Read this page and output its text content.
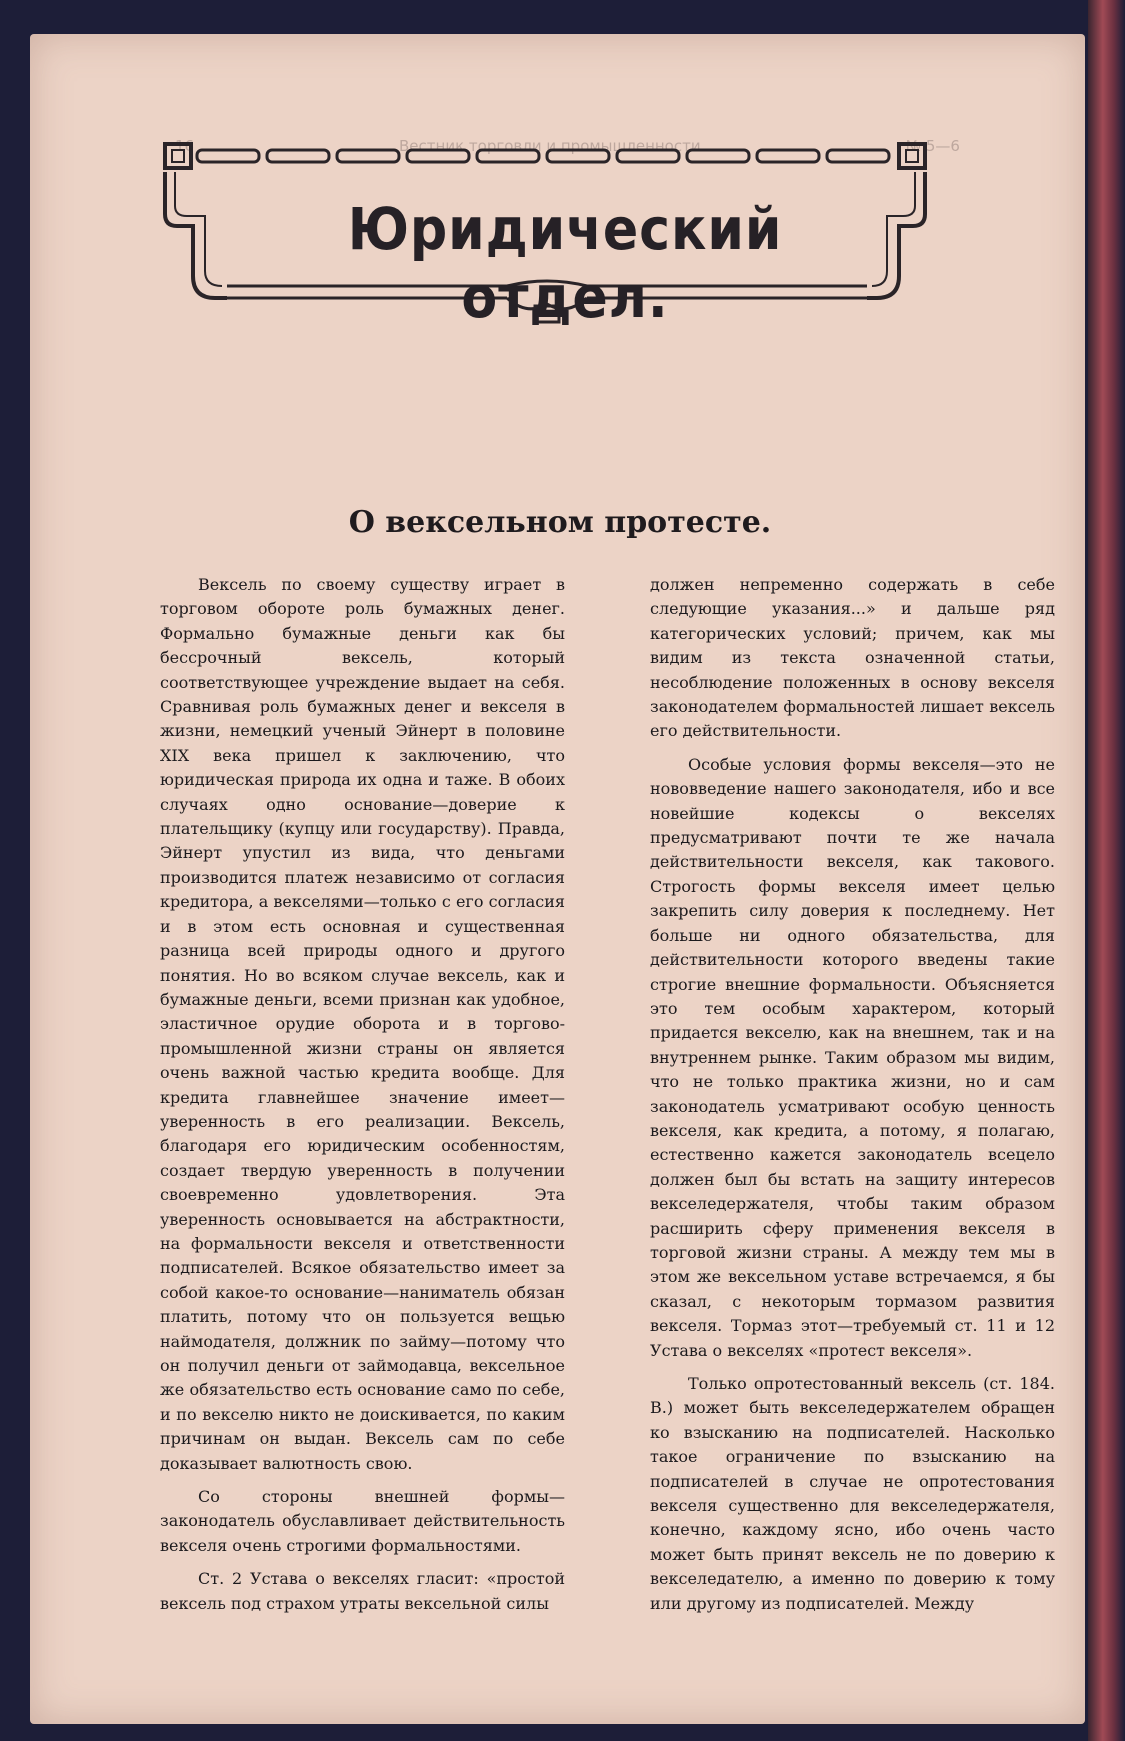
16	Вестник торговли и промышленности	№ 5—6

Юридический отдел.
О вексельном протесте.

Вексель по своему существу играет в торговом обороте роль бумажных денег. Формально бумажные деньги как бы бессрочный вексель, который соответствующее учреждение выдает на себя. Сравнивая роль бумажных денег и векселя в жизни, немецкий ученый Эйнерт в половине XIX века пришел к заключению, что юридическая природа их одна и таже. В обоих случаях одно основание—доверие к плательщику (купцу или государству). Правда, Эйнерт упустил из вида, что деньгами производится платеж независимо от согласия кредитора, а векселями—только с его согласия и в этом есть основная и существенная разница всей природы одного и другого понятия. Но во всяком случае вексель, как и бумажные деньги, всеми признан как удобное, эластичное орудие оборота и в торгово-промышленной жизни страны он является очень важной частью кредита вообще. Для кредита главнейшее значение имеет—уверенность в его реализации. Вексель, благодаря его юридическим особенностям, создает твердую уверенность в получении своевременно удовлетворения. Эта уверенность основывается на абстрактности, на формальности векселя и ответственности подписателей. Всякое обязательство имеет за собой какое-то основание—наниматель обязан платить, потому что он пользуется вещью наймодателя, должник по займу—потому что он получил деньги от займодавца, вексельное же обязательство есть основание само по себе, и по векселю никто не доискивается, по каким причинам он выдан. Вексель сам по себе доказывает валютность свою.

Со стороны внешней формы—законодатель обуславливает действительность векселя очень строгими формальностями.

Ст. 2 Устава о векселях гласит: «простой вексель под страхом утраты вексельной силы

должен непременно содержать в себе следующие указания...» и дальше ряд категорических условий; причем, как мы видим из текста означенной статьи, несоблюдение положенных в основу векселя законодателем формальностей лишает вексель его действительности.

Особые условия формы векселя—это не нововведение нашего законодателя, ибо и все новейшие кодексы о векселях предусматривают почти те же начала действительности векселя, как такового. Строгость формы векселя имеет целью закрепить силу доверия к последнему. Нет больше ни одного обязательства, для действительности которого введены такие строгие внешние формальности. Объясняется это тем особым характером, который придается векселю, как на внешнем, так и на внутреннем рынке. Таким образом мы видим, что не только практика жизни, но и сам законодатель усматривают особую ценность векселя, как кредита, а потому, я полагаю, естественно кажется законодатель всецело должен был бы встать на защиту интересов векселедержателя, чтобы таким образом расширить сферу применения векселя в торговой жизни страны. А между тем мы в этом же вексельном уставе встречаемся, я бы сказал, с некоторым тормазом развития векселя. Тормаз этот—требуемый ст. 11 и 12 Устава о векселях «протест векселя».

Только опротестованный вексель (ст. 184. В.) может быть векселедержателем обращен ко взысканию на подписателей. Насколько такое ограничение по взысканию на подписателей в случае не опротестования векселя существенно для векселедержателя, конечно, каждому ясно, ибо очень часто может быть принят вексель не по доверию к векселедателю, а именно по доверию к тому или другому из подписателей. Между
